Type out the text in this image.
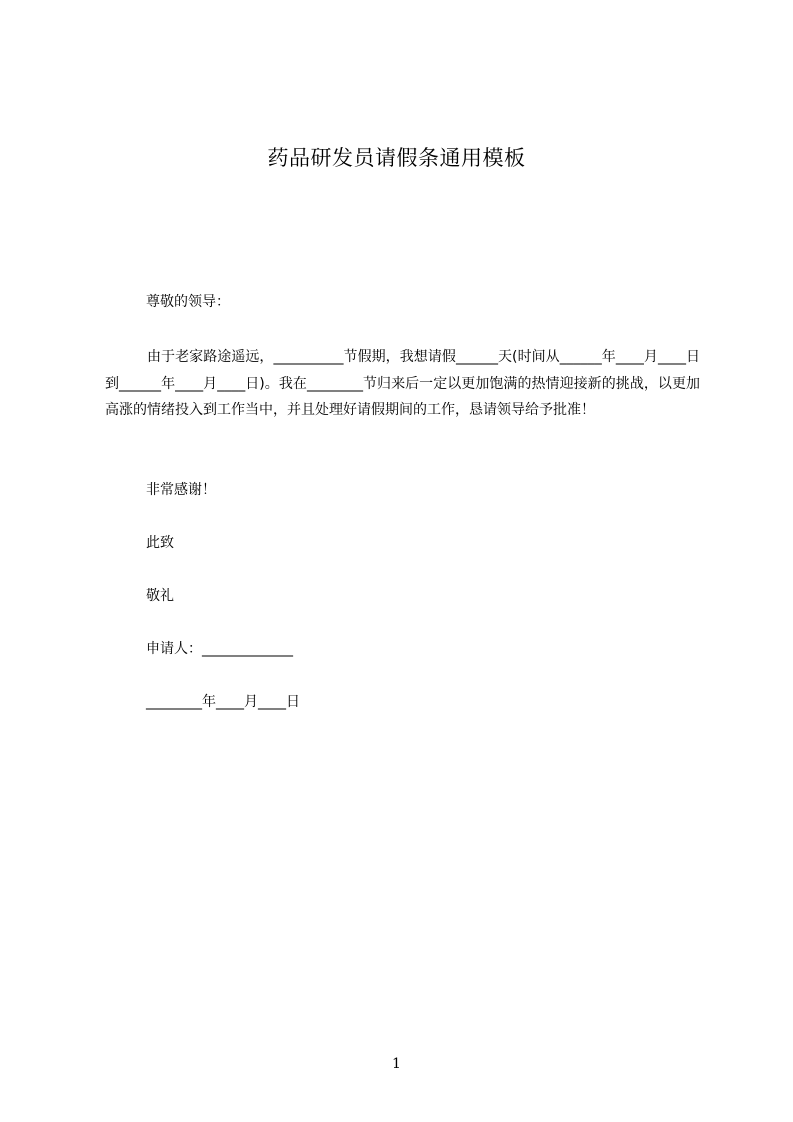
药品研发员请假条通用模板

尊敬的领导：

由于老家路途遥远，__________节假期，我想请假______天(时间从______年____月____日到______年____月____日)。我在________节归来后一定以更加饱满的热情迎接新的挑战，以更加高涨的情绪投入到工作当中，并且处理好请假期间的工作，恳请领导给予批准！

非常感谢！

此致

敬礼

申请人：_____________

________年____月____日

1
